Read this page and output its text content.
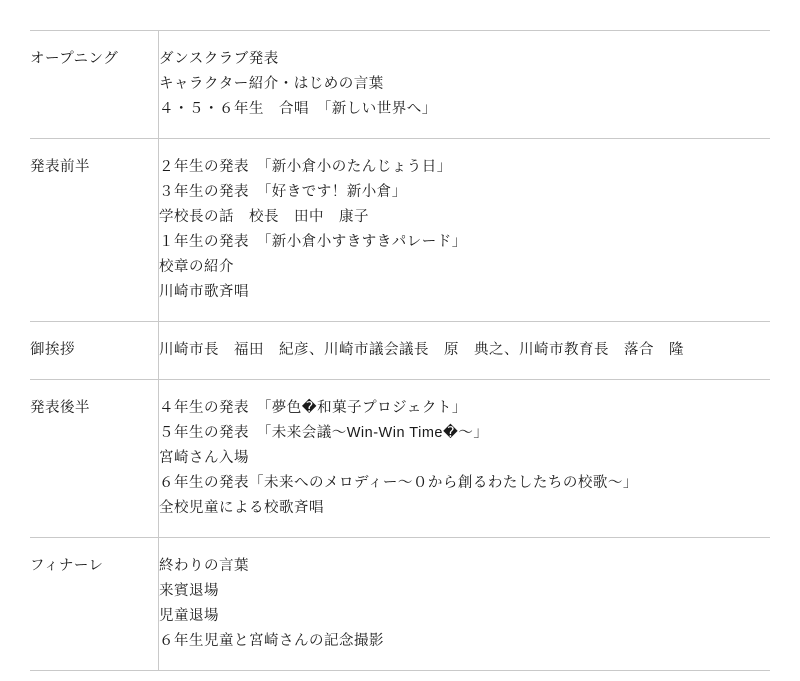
オープニング	ダンスクラブ発表
キャラクター紹介・はじめの言葉
４・５・６年生　合唱　「新しい世界へ」

発表前半	２年生の発表　「新小倉小のたんじょう日」
３年生の発表　「好きです！新小倉」
学校長の話　校長　田中　康子
１年生の発表　「新小倉小すきすきパレード」
校章の紹介
川崎市歌斉唱

御挨拶	川崎市長　福田　紀彦、川崎市議会議長　原　典之、川崎市教育長　落合　隆

発表後半	４年生の発表　「夢色�和菓子プロジェクト」
５年生の発表　「未来会議〜Win-Win Time�〜」
宮崎さん入場
６年生の発表「未来へのメロディー〜０から創るわたしたちの校歌〜」
全校児童による校歌斉唱

フィナーレ	終わりの言葉
来賓退場
児童退場
６年生児童と宮崎さんの記念撮影
